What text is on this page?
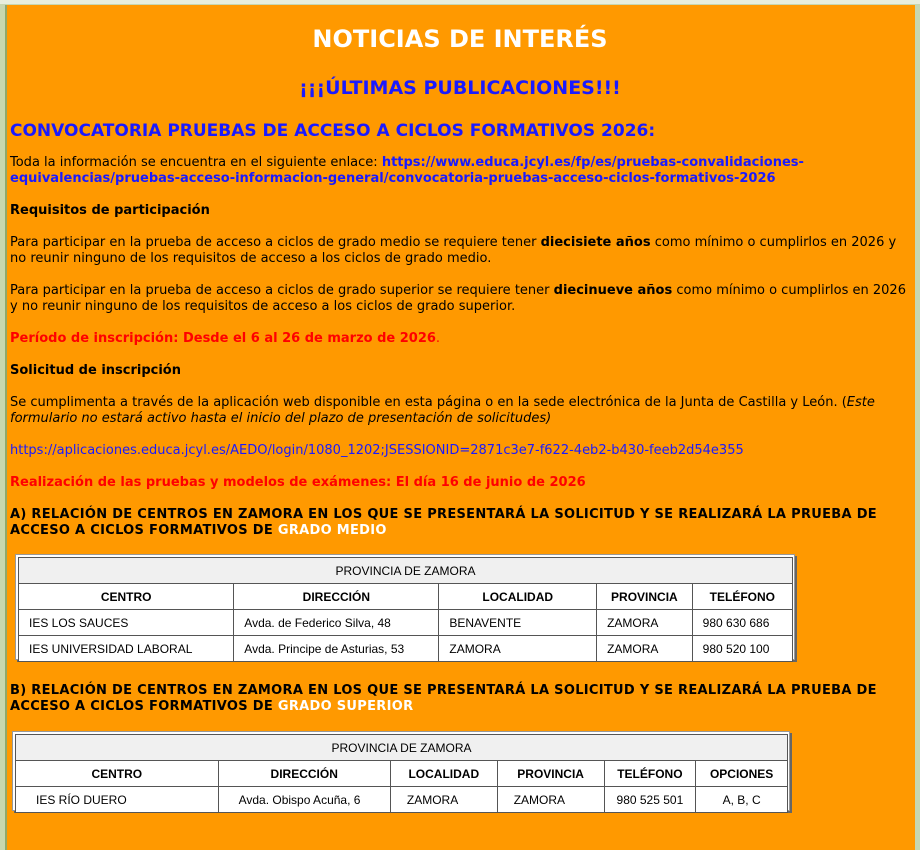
NOTICIAS DE INTERÉS
¡¡¡ÚLTIMAS PUBLICACIONES!!!
CONVOCATORIA PRUEBAS DE ACCESO A CICLOS FORMATIVOS 2026:

Toda la información se encuentra en el siguiente enlace: https://www.educa.jcyl.es/fp/es/pruebas-convalidaciones-equivalencias/pruebas-acceso-informacion-general/convocatoria-pruebas-acceso-ciclos-formativos-2026

Requisitos de participación

Para participar en la prueba de acceso a ciclos de grado medio se requiere tener diecisiete años como mínimo o cumplirlos en 2026 y no reunir ninguno de los requisitos de acceso a los ciclos de grado medio.

Para participar en la prueba de acceso a ciclos de grado superior se requiere tener diecinueve años como mínimo o cumplirlos en 2026 y no reunir ninguno de los requisitos de acceso a los ciclos de grado superior.

Período de inscripción: Desde el 6 al 26 de marzo de 2026.

Solicitud de inscripción

Se cumplimenta a través de la aplicación web disponible en esta página o en la sede electrónica de la Junta de Castilla y León. (Este formulario no estará activo hasta el inicio del plazo de presentación de solicitudes)

https://aplicaciones.educa.jcyl.es/AEDO/login/1080_1202;JSESSIONID=2871c3e7-f622-4eb2-b430-feeb2d54e355

Realización de las pruebas y modelos de exámenes: El día 16 de junio de 2026

A) RELACIÓN DE CENTROS EN ZAMORA EN LOS QUE SE PRESENTARÁ LA SOLICITUD Y SE REALIZARÁ LA PRUEBA DE ACCESO A CICLOS FORMATIVOS DE GRADO MEDIO

PROVINCIA DE ZAMORA				
CENTRO	DIRECCIÓN	LOCALIDAD	PROVINCIA	TELÉFONO
IES LOS SAUCES	Avda. de Federico Silva, 48	BENAVENTE	ZAMORA	980 630 686
IES UNIVERSIDAD LABORAL	Avda. Principe de Asturias, 53	ZAMORA	ZAMORA	980 520 100

B) RELACIÓN DE CENTROS EN ZAMORA EN LOS QUE SE PRESENTARÁ LA SOLICITUD Y SE REALIZARÁ LA PRUEBA DE ACCESO A CICLOS FORMATIVOS DE GRADO SUPERIOR

PROVINCIA DE ZAMORA					
CENTRO	DIRECCIÓN	LOCALIDAD	PROVINCIA	TELÉFONO	OPCIONES
IES RÍO DUERO	Avda. Obispo Acuña, 6	ZAMORA	ZAMORA	980 525 501	A, B, C
